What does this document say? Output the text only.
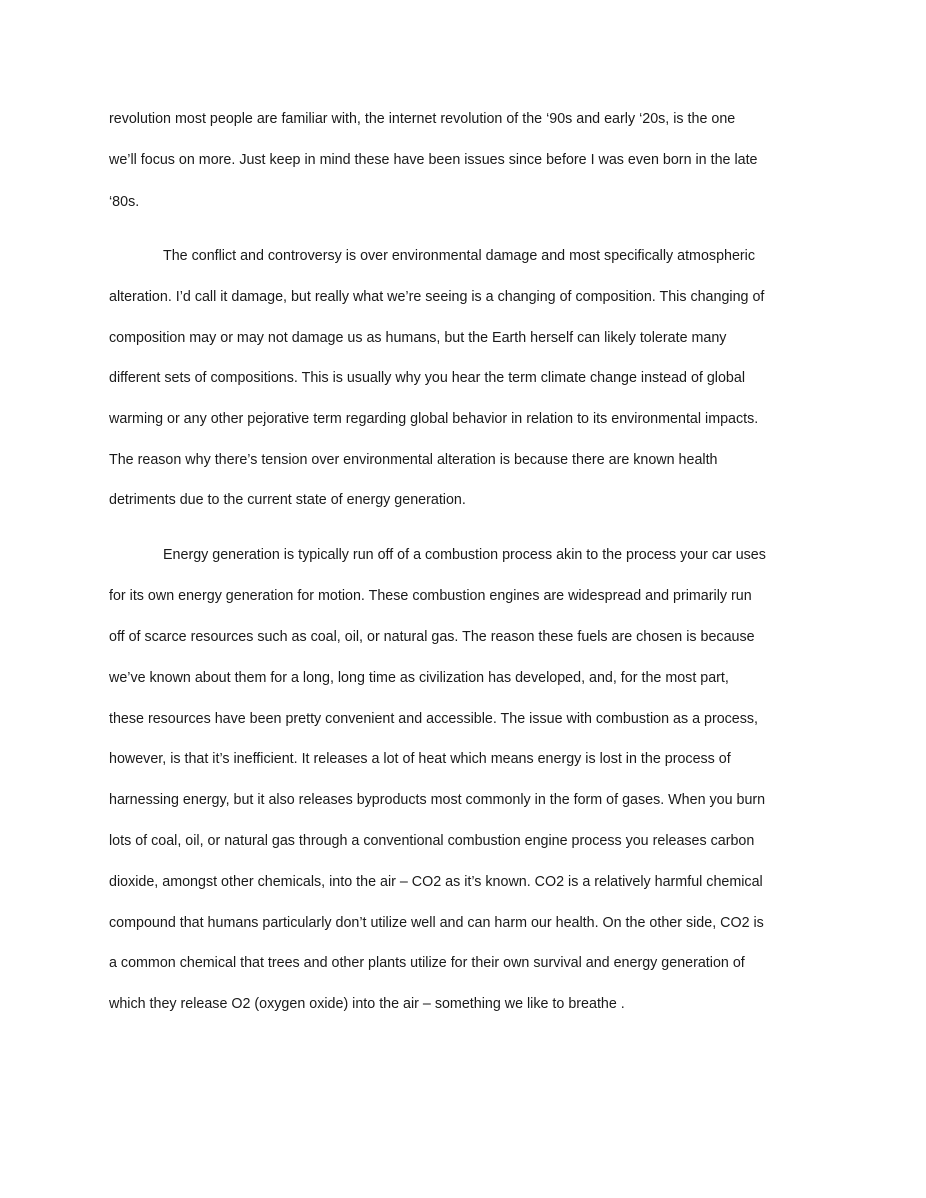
revolution most people are familiar with, the internet revolution of the ‘90s and early ‘20s, is the one
we’ll focus on more. Just keep in mind these have been issues since before I was even born in the late
‘80s.
The conflict and controversy is over environmental damage and most specifically atmospheric
alteration. I’d call it damage, but really what we’re seeing is a changing of composition. This changing of
composition may or may not damage us as humans, but the Earth herself can likely tolerate many
different sets of compositions. This is usually why you hear the term climate change instead of global
warming or any other pejorative term regarding global behavior in relation to its environmental impacts.
The reason why there’s tension over environmental alteration is because there are known health
detriments due to the current state of energy generation.
Energy generation is typically run off of a combustion process akin to the process your car uses
for its own energy generation for motion. These combustion engines are widespread and primarily run
off of scarce resources such as coal, oil, or natural gas. The reason these fuels are chosen is because
we’ve known about them for a long, long time as civilization has developed, and, for the most part,
these resources have been pretty convenient and accessible. The issue with combustion as a process,
however, is that it’s inefficient. It releases a lot of heat which means energy is lost in the process of
harnessing energy, but it also releases byproducts most commonly in the form of gases. When you burn
lots of coal, oil, or natural gas through a conventional combustion engine process you releases carbon
dioxide, amongst other chemicals, into the air – CO2 as it’s known. CO2 is a relatively harmful chemical
compound that humans particularly don’t utilize well and can harm our health. On the other side, CO2 is
a common chemical that trees and other plants utilize for their own survival and energy generation of
which they release O2 (oxygen oxide) into the air – something we like to breathe .
